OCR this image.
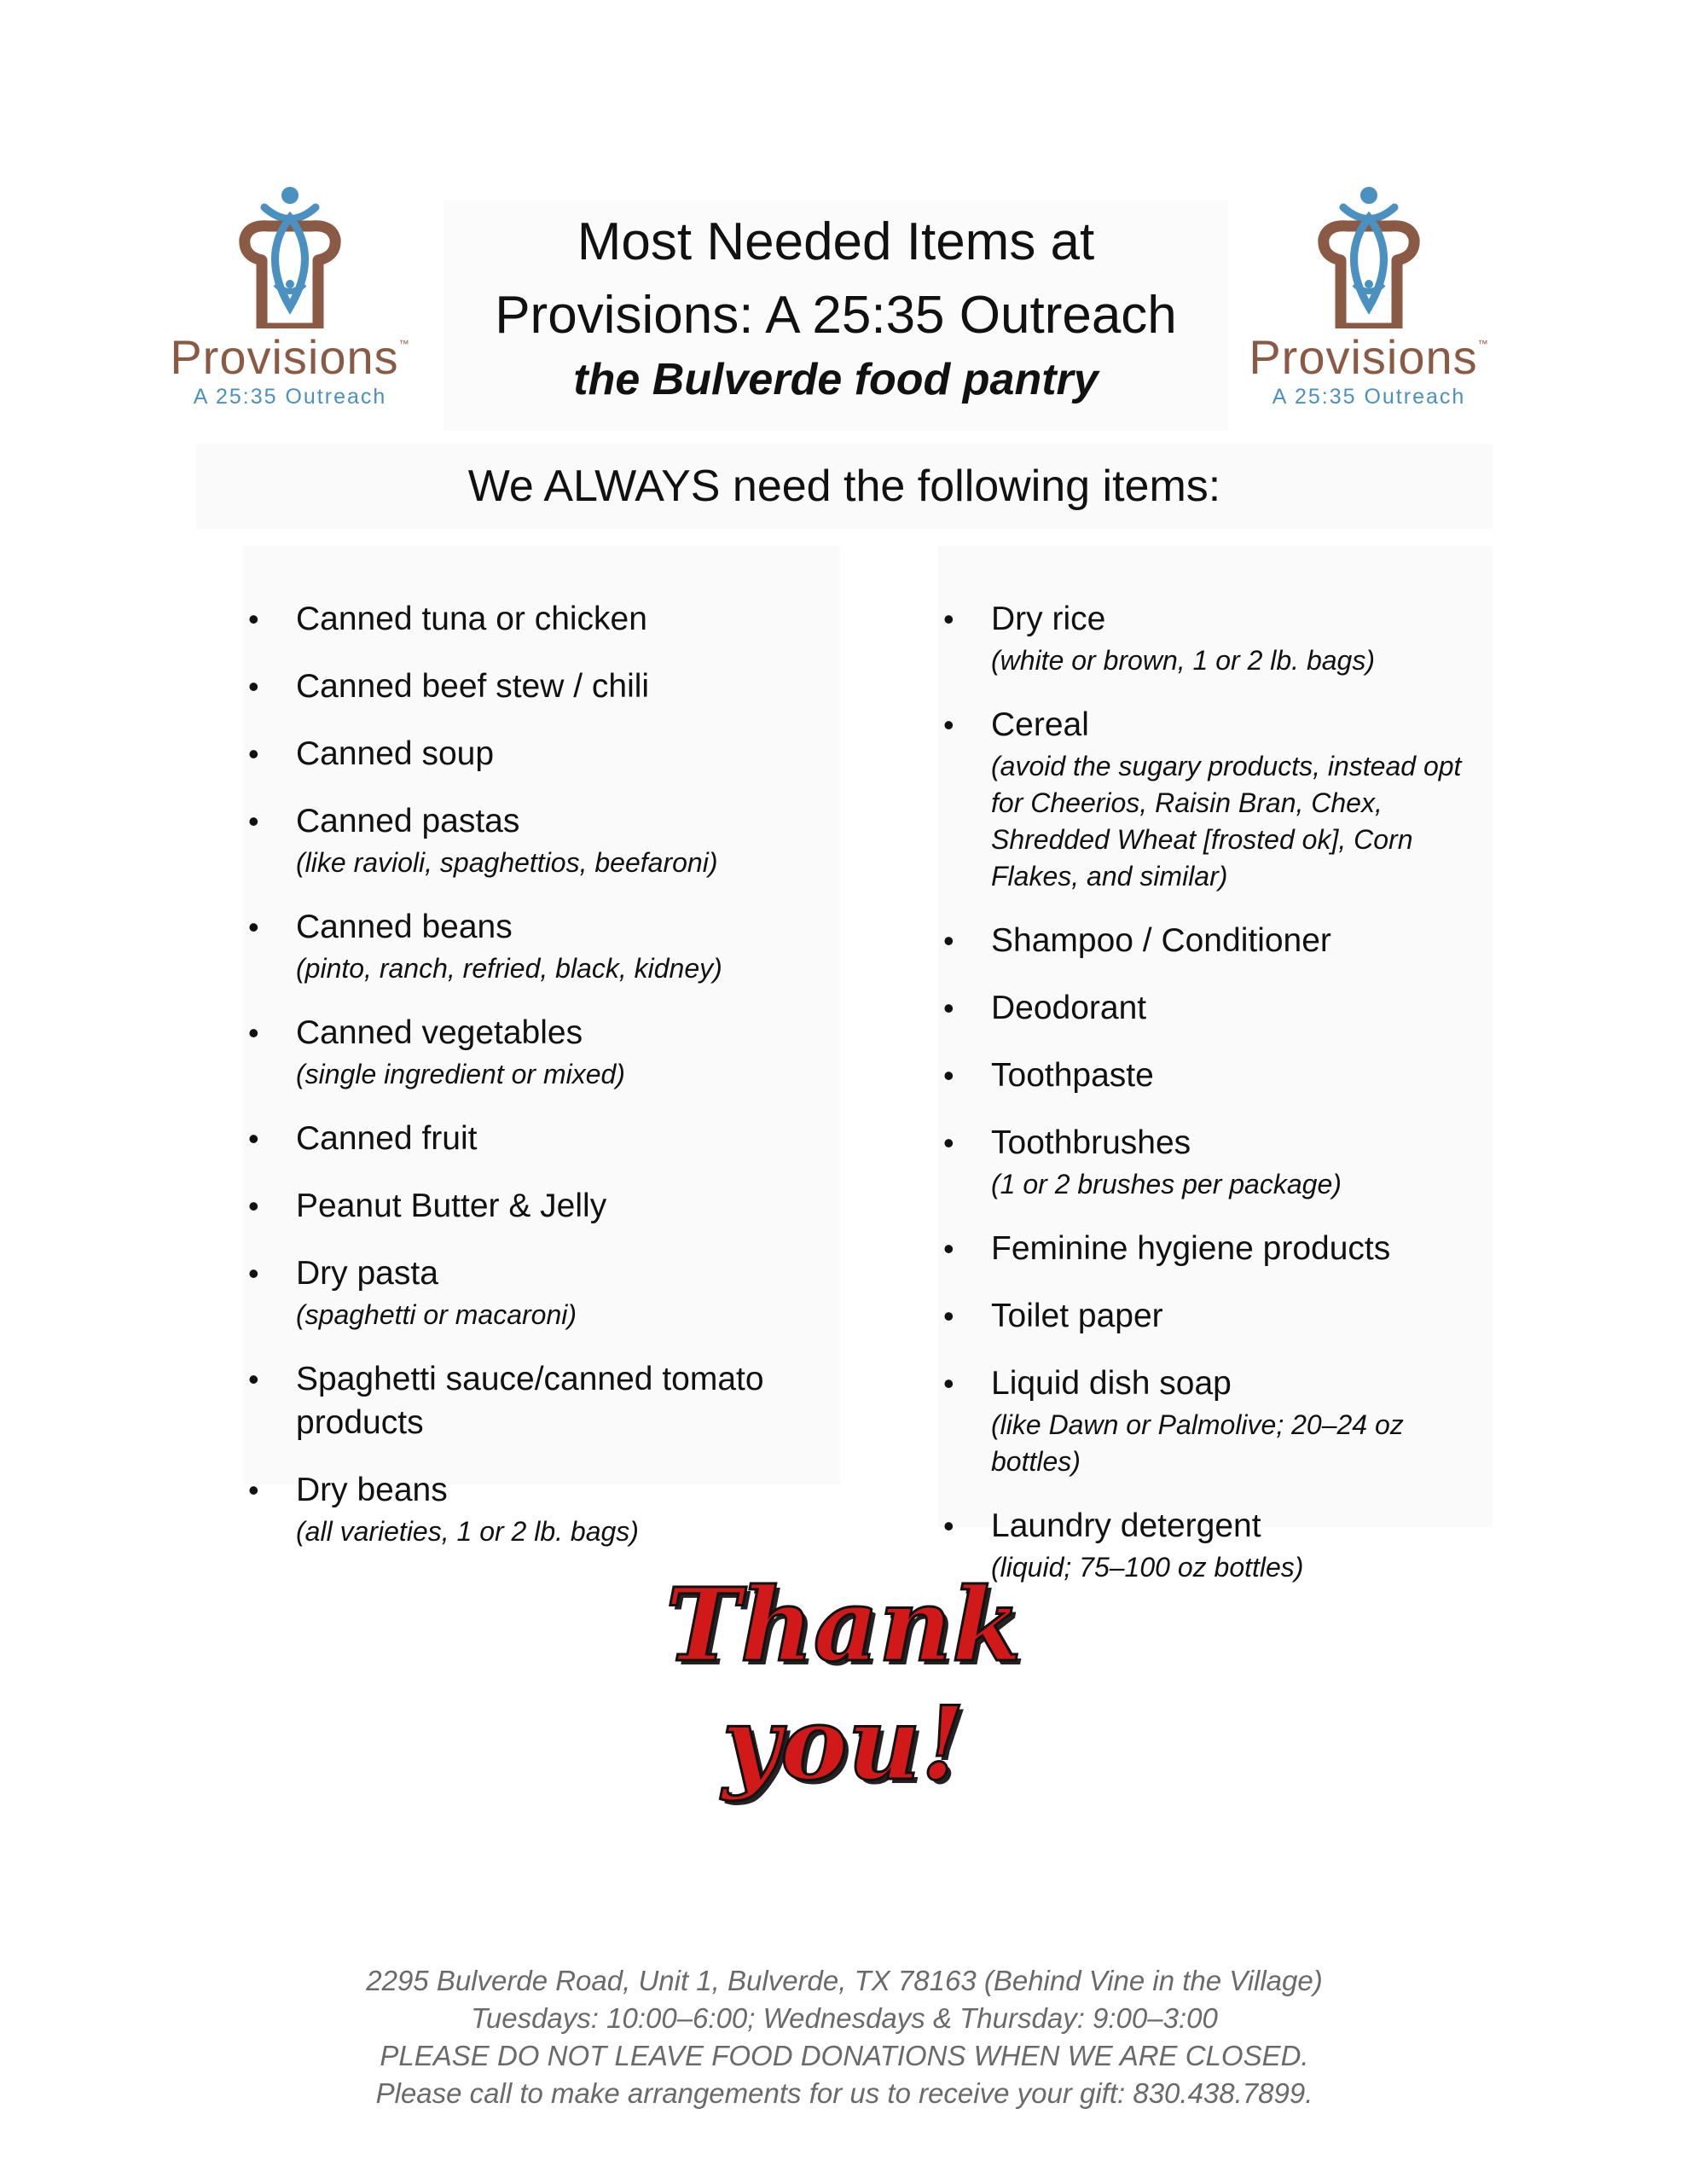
Provisions™
A 25:35 Outreach
Provisions™
A 25:35 Outreach
Most Needed Items at
Provisions: A 25:35 Outreach
the Bulverde food pantry
We ALWAYS need the following items:
• Canned tuna or chicken
• Canned beef stew / chili
• Canned soup
• Canned pastas
(like ravioli, spaghettios, beefaroni)
• Canned beans
(pinto, ranch, refried, black, kidney)
• Canned vegetables
(single ingredient or mixed)
• Canned fruit
• Peanut Butter & Jelly
• Dry pasta
(spaghetti or macaroni)
• Spaghetti sauce/canned tomato products
• Dry beans
(all varieties, 1 or 2 lb. bags)
• Dry rice
(white or brown, 1 or 2 lb. bags)
• Cereal
(avoid the sugary products, instead opt for Cheerios, Raisin Bran, Chex, Shredded Wheat [frosted ok], Corn Flakes, and similar)
• Shampoo / Conditioner
• Deodorant
• Toothpaste
• Toothbrushes
(1 or 2 brushes per package)
• Feminine hygiene products
• Toilet paper
• Liquid dish soap
(like Dawn or Palmolive; 20–24 oz bottles)
• Laundry detergent
(liquid; 75–100 oz bottles)
Thank you!
2295 Bulverde Road, Unit 1, Bulverde, TX 78163 (Behind Vine in the Village)
Tuesdays: 10:00–6:00; Wednesdays & Thursday: 9:00–3:00
PLEASE DO NOT LEAVE FOOD DONATIONS WHEN WE ARE CLOSED.
Please call to make arrangements for us to receive your gift: 830.438.7899.
